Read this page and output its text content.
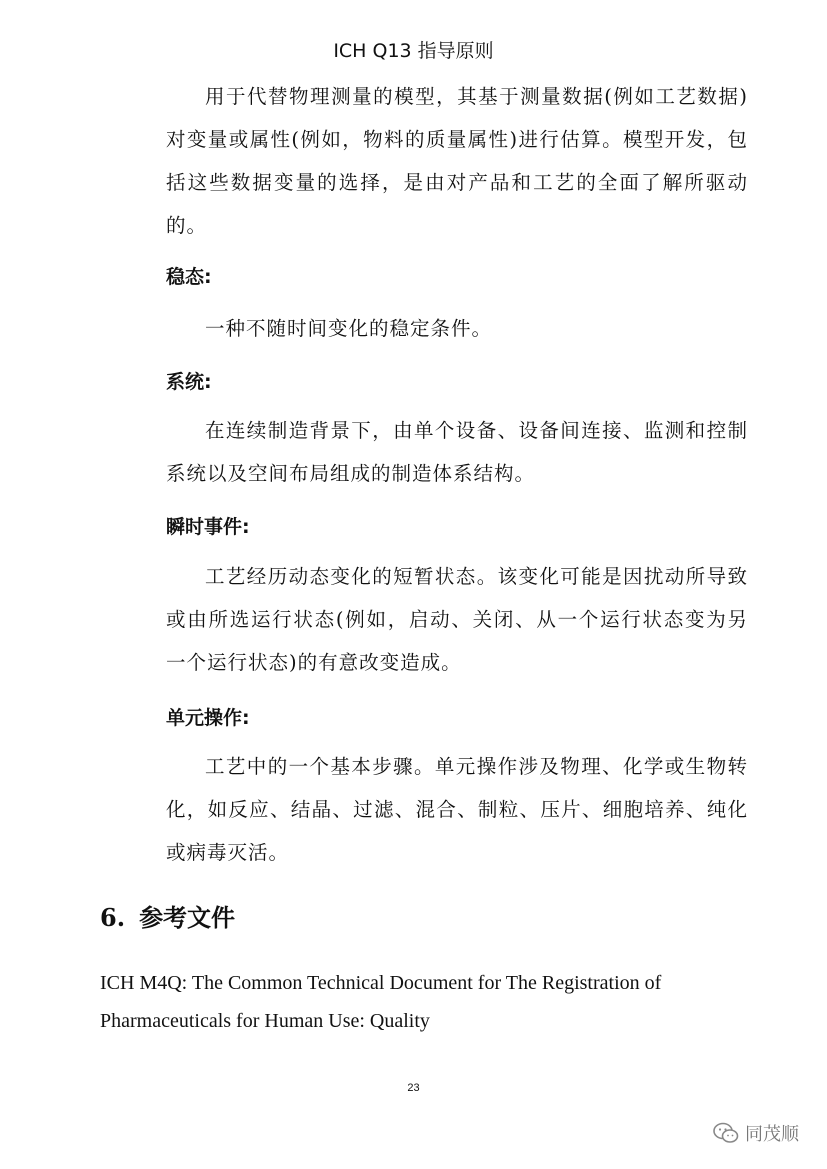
ICH Q13 指导原则

用于代替物理测量的模型，其基于测量数据(例如工艺数据)对变量或属性(例如，物料的质量属性)进行估算。模型开发，包括这些数据变量的选择，是由对产品和工艺的全面了解所驱动的。

稳态:

一种不随时间变化的稳定条件。

系统:

在连续制造背景下，由单个设备、设备间连接、监测和控制系统以及空间布局组成的制造体系结构。

瞬时事件:

工艺经历动态变化的短暂状态。该变化可能是因扰动所导致或由所选运行状态(例如，启动、关闭、从一个运行状态变为另一个运行状态)的有意改变造成。

单元操作:

工艺中的一个基本步骤。单元操作涉及物理、化学或生物转化，如反应、结晶、过滤、混合、制粒、压片、细胞培养、纯化或病毒灭活。

6. 参考文件
ICH M4Q: The Common Technical Document for The Registration of Pharmaceuticals for Human Use: Quality
23
同茂顺
